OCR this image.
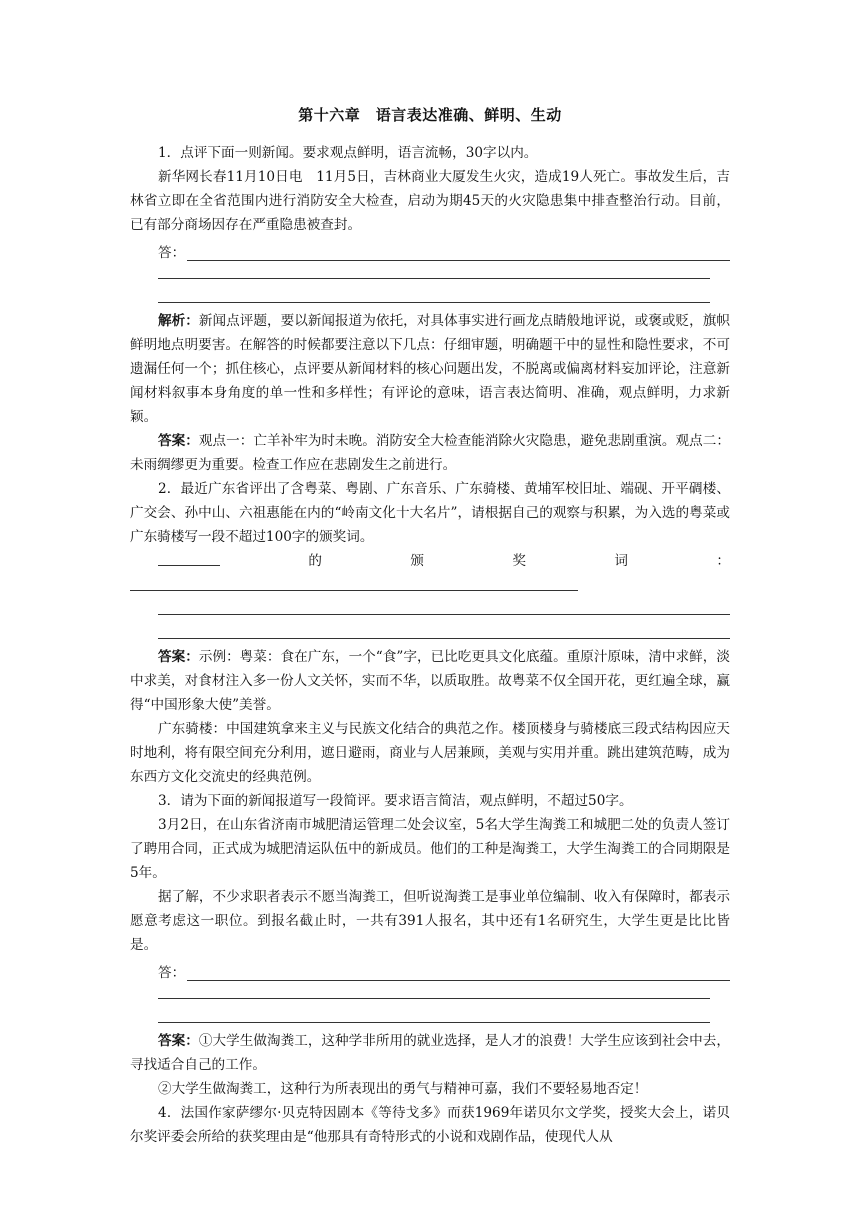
第十六章　语言表达准确、鲜明、生动

1．点评下面一则新闻。要求观点鲜明，语言流畅，30字以内。

新华网长春11月10日电　11月5日，吉林商业大厦发生火灾，造成19人死亡。事故发生后，吉林省立即在全省范围内进行消防安全大检查，启动为期45天的火灾隐患集中排查整治行动。目前，已有部分商场因存在严重隐患被查封。

答：

解析：新闻点评题，要以新闻报道为依托，对具体事实进行画龙点睛般地评说，或褒或贬，旗帜鲜明地点明要害。在解答的时候都要注意以下几点：仔细审题，明确题干中的显性和隐性要求，不可遗漏任何一个；抓住核心，点评要从新闻材料的核心问题出发，不脱离或偏离材料妄加评论，注意新闻材料叙事本身角度的单一性和多样性；有评论的意味，语言表达简明、准确，观点鲜明，力求新颖。

答案：观点一：亡羊补牢为时未晚。消防安全大检查能消除火灾隐患，避免悲剧重演。观点二：未雨绸缪更为重要。检查工作应在悲剧发生之前进行。

2．最近广东省评出了含粤菜、粤剧、广东音乐、广东骑楼、黄埔军校旧址、端砚、开平碉楼、广交会、孙中山、六祖惠能在内的“岭南文化十大名片”，请根据自己的观察与积累，为入选的粤菜或广东骑楼写一段不超过100字的颁奖词。

的	颁	奖	词	：

答案：示例：粤菜：食在广东，一个“食”字，已比吃更具文化底蕴。重原汁原味，清中求鲜，淡中求美，对食材注入多一份人文关怀，实而不华，以质取胜。故粤菜不仅全国开花，更红遍全球，赢得“中国形象大使”美誉。

广东骑楼：中国建筑拿来主义与民族文化结合的典范之作。楼顶楼身与骑楼底三段式结构因应天时地利，将有限空间充分利用，遮日避雨，商业与人居兼顾，美观与实用并重。跳出建筑范畴，成为东西方文化交流史的经典范例。

3．请为下面的新闻报道写一段简评。要求语言简洁，观点鲜明，不超过50字。

3月2日，在山东省济南市城肥清运管理二处会议室，5名大学生淘粪工和城肥二处的负责人签订了聘用合同，正式成为城肥清运队伍中的新成员。他们的工种是淘粪工，大学生淘粪工的合同期限是5年。

据了解，不少求职者表示不愿当淘粪工，但听说淘粪工是事业单位编制、收入有保障时，都表示愿意考虑这一职位。到报名截止时，一共有391人报名，其中还有1名研究生，大学生更是比比皆是。

答：

答案：①大学生做淘粪工，这种学非所用的就业选择，是人才的浪费！大学生应该到社会中去，寻找适合自己的工作。

②大学生做淘粪工，这种行为所表现出的勇气与精神可嘉，我们不要轻易地否定！

4．法国作家萨缪尔·贝克特因剧本《等待戈多》而获1969年诺贝尔文学奖，授奖大会上，诺贝尔奖评委会所给的获奖理由是“他那具有奇特形式的小说和戏剧作品，使现代人从
